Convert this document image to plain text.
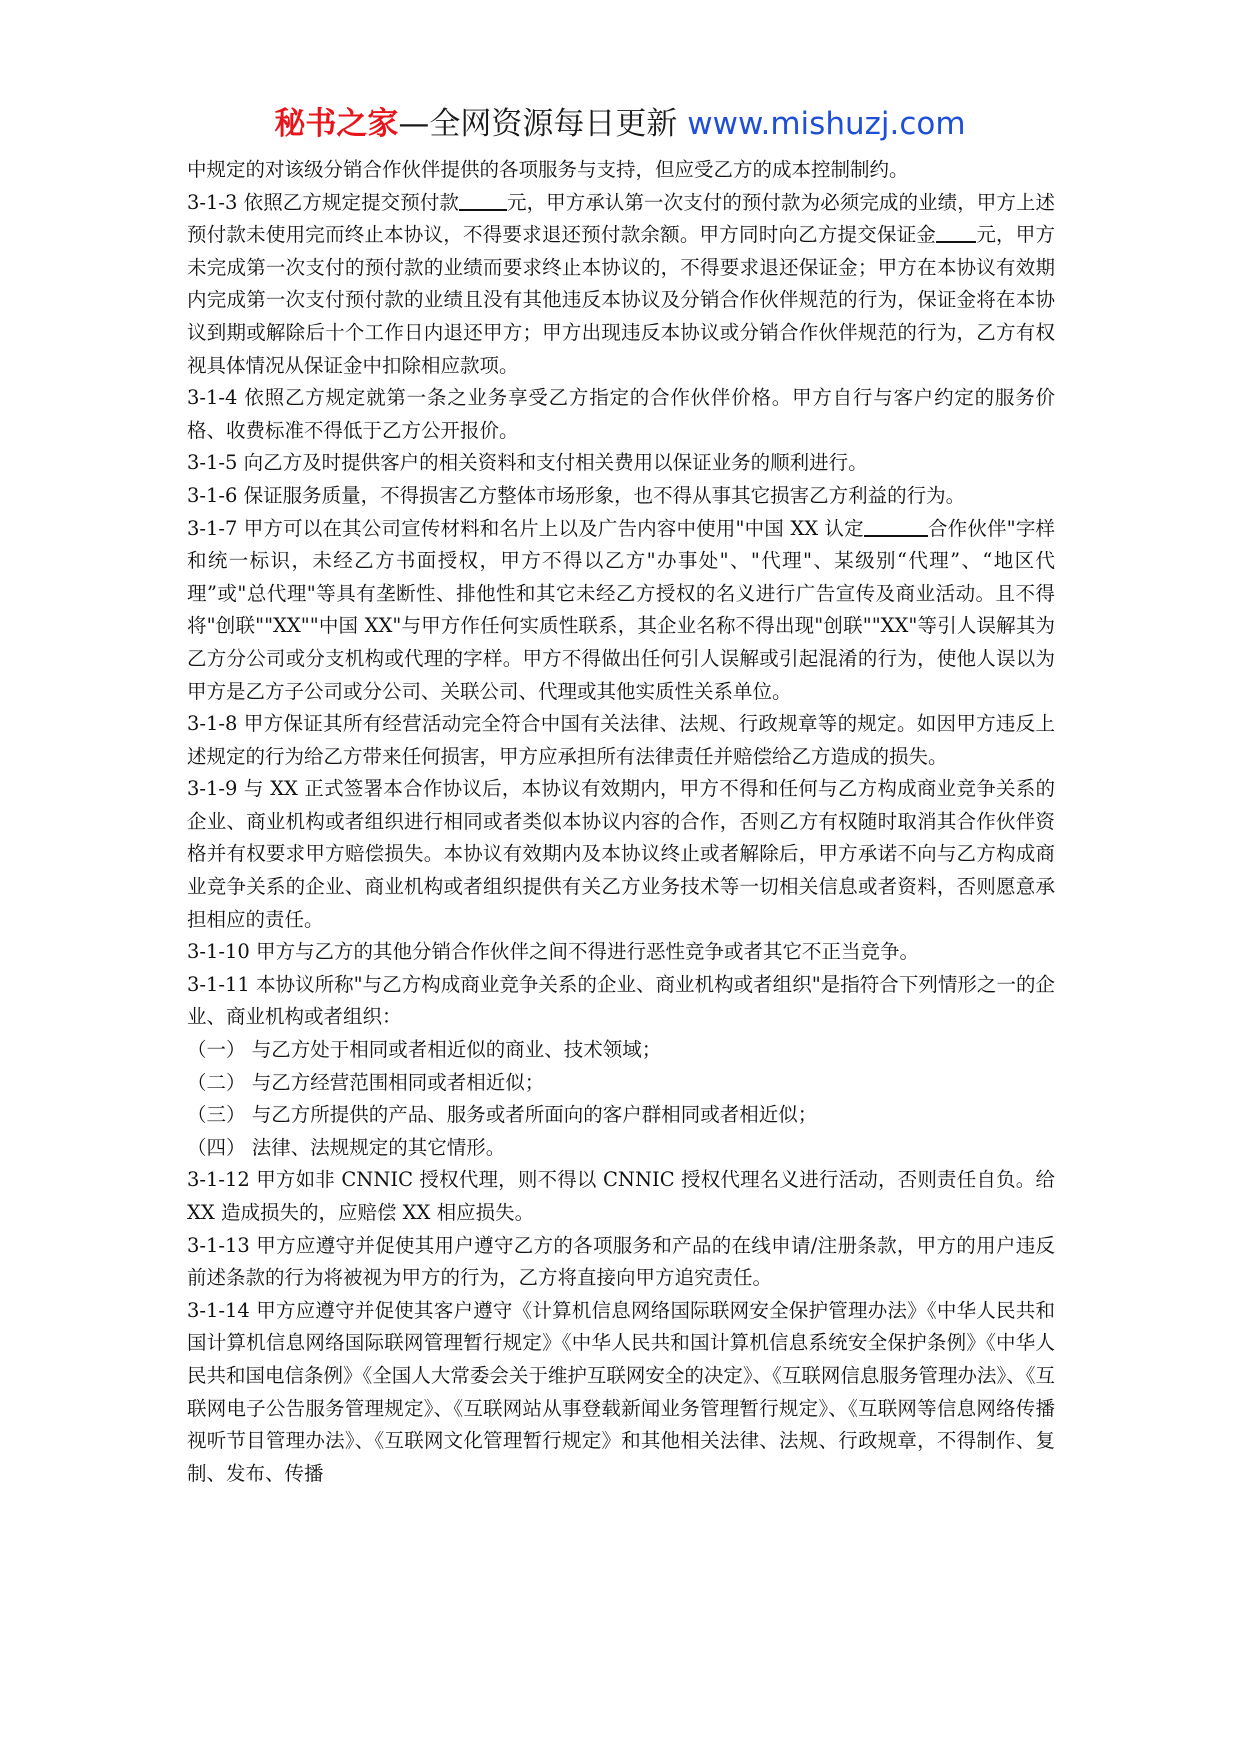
秘书之家—全网资源每日更新 www.mishuzj.com

中规定的对该级分销合作伙伴提供的各项服务与支持，但应受乙方的成本控制制约。

3-1-3 依照乙方规定提交预付款 元，甲方承认第一次支付的预付款为必须完成的业绩，甲方上述预付款未使用完而终止本协议，不得要求退还预付款余额。甲方同时向乙方提交保证金 元，甲方未完成第一次支付的预付款的业绩而要求终止本协议的，不得要求退还保证金；甲方在本协议有效期内完成第一次支付预付款的业绩且没有其他违反本协议及分销合作伙伴规范的行为，保证金将在本协议到期或解除后十个工作日内退还甲方；甲方出现违反本协议或分销合作伙伴规范的行为，乙方有权视具体情况从保证金中扣除相应款项。

3-1-4 依照乙方规定就第一条之业务享受乙方指定的合作伙伴价格。甲方自行与客户约定的服务价格、收费标准不得低于乙方公开报价。

3-1-5 向乙方及时提供客户的相关资料和支付相关费用以保证业务的顺利进行。

3-1-6 保证服务质量，不得损害乙方整体市场形象，也不得从事其它损害乙方利益的行为。

3-1-7 甲方可以在其公司宣传材料和名片上以及广告内容中使用"中国 XX 认定	合作伙伴"字样和统一标识，未经乙方书面授权，甲方不得以乙方"办事处"、"代理"、某级别“代理”、“地区代理”或"总代理"等具有垄断性、排他性和其它未经乙方授权的名义进行广告宣传及商业活动。且不得将"创联""XX""中国 XX"与甲方作任何实质性联系，其企业名称不得出现"创联""XX"等引人误解其为乙方分公司或分支机构或代理的字样。甲方不得做出任何引人误解或引起混淆的行为，使他人误以为甲方是乙方子公司或分公司、关联公司、代理或其他实质性关系单位。

3-1-8 甲方保证其所有经营活动完全符合中国有关法律、法规、行政规章等的规定。如因甲方违反上述规定的行为给乙方带来任何损害，甲方应承担所有法律责任并赔偿给乙方造成的损失。

3-1-9 与 XX 正式签署本合作协议后，本协议有效期内，甲方不得和任何与乙方构成商业竞争关系的企业、商业机构或者组织进行相同或者类似本协议内容的合作，否则乙方有权随时取消其合作伙伴资格并有权要求甲方赔偿损失。本协议有效期内及本协议终止或者解除后，甲方承诺不向与乙方构成商业竞争关系的企业、商业机构或者组织提供有关乙方业务技术等一切相关信息或者资料，否则愿意承担相应的责任。

3-1-10 甲方与乙方的其他分销合作伙伴之间不得进行恶性竞争或者其它不正当竞争。

3-1-11 本协议所称"与乙方构成商业竞争关系的企业、商业机构或者组织"是指符合下列情形之一的企业、商业机构或者组织：

（一） 与乙方处于相同或者相近似的商业、技术领域；

（二） 与乙方经营范围相同或者相近似；

（三） 与乙方所提供的产品、服务或者所面向的客户群相同或者相近似；

（四） 法律、法规规定的其它情形。

3-1-12 甲方如非 CNNIC 授权代理，则不得以 CNNIC 授权代理名义进行活动，否则责任自负。给 XX 造成损失的，应赔偿 XX 相应损失。

3-1-13 甲方应遵守并促使其用户遵守乙方的各项服务和产品的在线申请/注册条款，甲方的用户违反前述条款的行为将被视为甲方的行为，乙方将直接向甲方追究责任。

3-1-14 甲方应遵守并促使其客户遵守《计算机信息网络国际联网安全保护管理办法》《中华人民共和国计算机信息网络国际联网管理暂行规定》《中华人民共和国计算机信息系统安全保护条例》《中华人民共和国电信条例》《全国人大常委会关于维护互联网安全的决定》、《互联网信息服务管理办法》、《互联网电子公告服务管理规定》、《互联网站从事登载新闻业务管理暂行规定》、《互联网等信息网络传播视听节目管理办法》、《互联网文化管理暂行规定》和其他相关法律、法规、行政规章，不得制作、复制、发布、传播
